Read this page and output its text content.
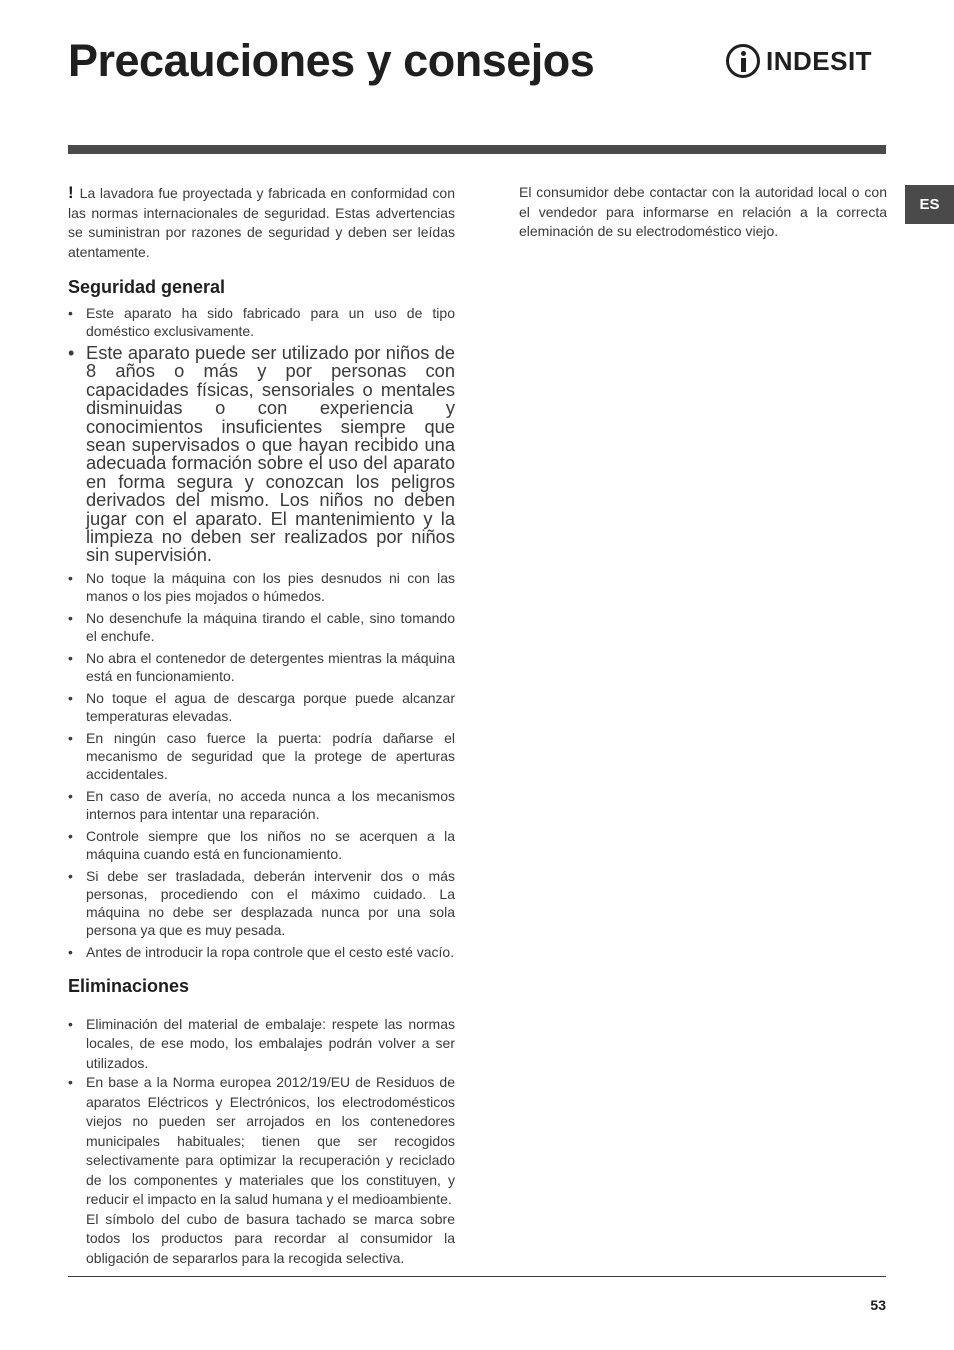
Precauciones y consejos	INDESIT
ES

! La lavadora fue proyectada y fabricada en conformidad con las normas internacionales de seguridad. Estas advertencias se suministran por razones de seguridad y deben ser leídas atentamente.

Seguridad general
• Este aparato ha sido fabricado para un uso de tipo doméstico exclusivamente.
• Este aparato puede ser utilizado por niños de 8 años o más y por personas con capacidades físicas, sensoriales o mentales disminuidas o con experiencia y conocimientos insuficientes siempre que sean supervisados o que hayan recibido una adecuada formación sobre el uso del aparato en forma segura y conozcan los peligros derivados del mismo. Los niños no deben jugar con el aparato. El mantenimiento y la limpieza no deben ser realizados por niños sin supervisión.
• No toque la máquina con los pies desnudos ni con las manos o los pies mojados o húmedos.
• No desenchufe la máquina tirando el cable, sino tomando el enchufe.
• No abra el contenedor de detergentes mientras la máquina está en funcionamiento.
• No toque el agua de descarga porque puede alcanzar temperaturas elevadas.
• En ningún caso fuerce la puerta: podría dañarse el mecanismo de seguridad que la protege de aperturas accidentales.
• En caso de avería, no acceda nunca a los mecanismos internos para intentar una reparación.
• Controle siempre que los niños no se acerquen a la máquina cuando está en funcionamiento.
• Si debe ser trasladada, deberán intervenir dos o más personas, procediendo con el máximo cuidado. La máquina no debe ser desplazada nunca por una sola persona ya que es muy pesada.
• Antes de introducir la ropa controle que el cesto esté vacío.
Eliminaciones
• Eliminación del material de embalaje: respete las normas locales, de ese modo, los embalajes podrán volver a ser utilizados.
• En base a la Norma europea 2012/19/EU de Residuos de aparatos Eléctricos y Electrónicos, los electrodomésticos viejos no pueden ser arrojados en los contenedores municipales habituales; tienen que ser recogidos selectivamente para optimizar la recuperación y reciclado de los componentes y materiales que los constituyen, y reducir el impacto en la salud humana y el medioambiente.

El símbolo del cubo de basura tachado se marca sobre todos los productos para recordar al consumidor la obligación de separarlos para la recogida selectiva.

El consumidor debe contactar con la autoridad local o con el vendedor para informarse en relación a la correcta eleminación de su electrodoméstico viejo.

53
